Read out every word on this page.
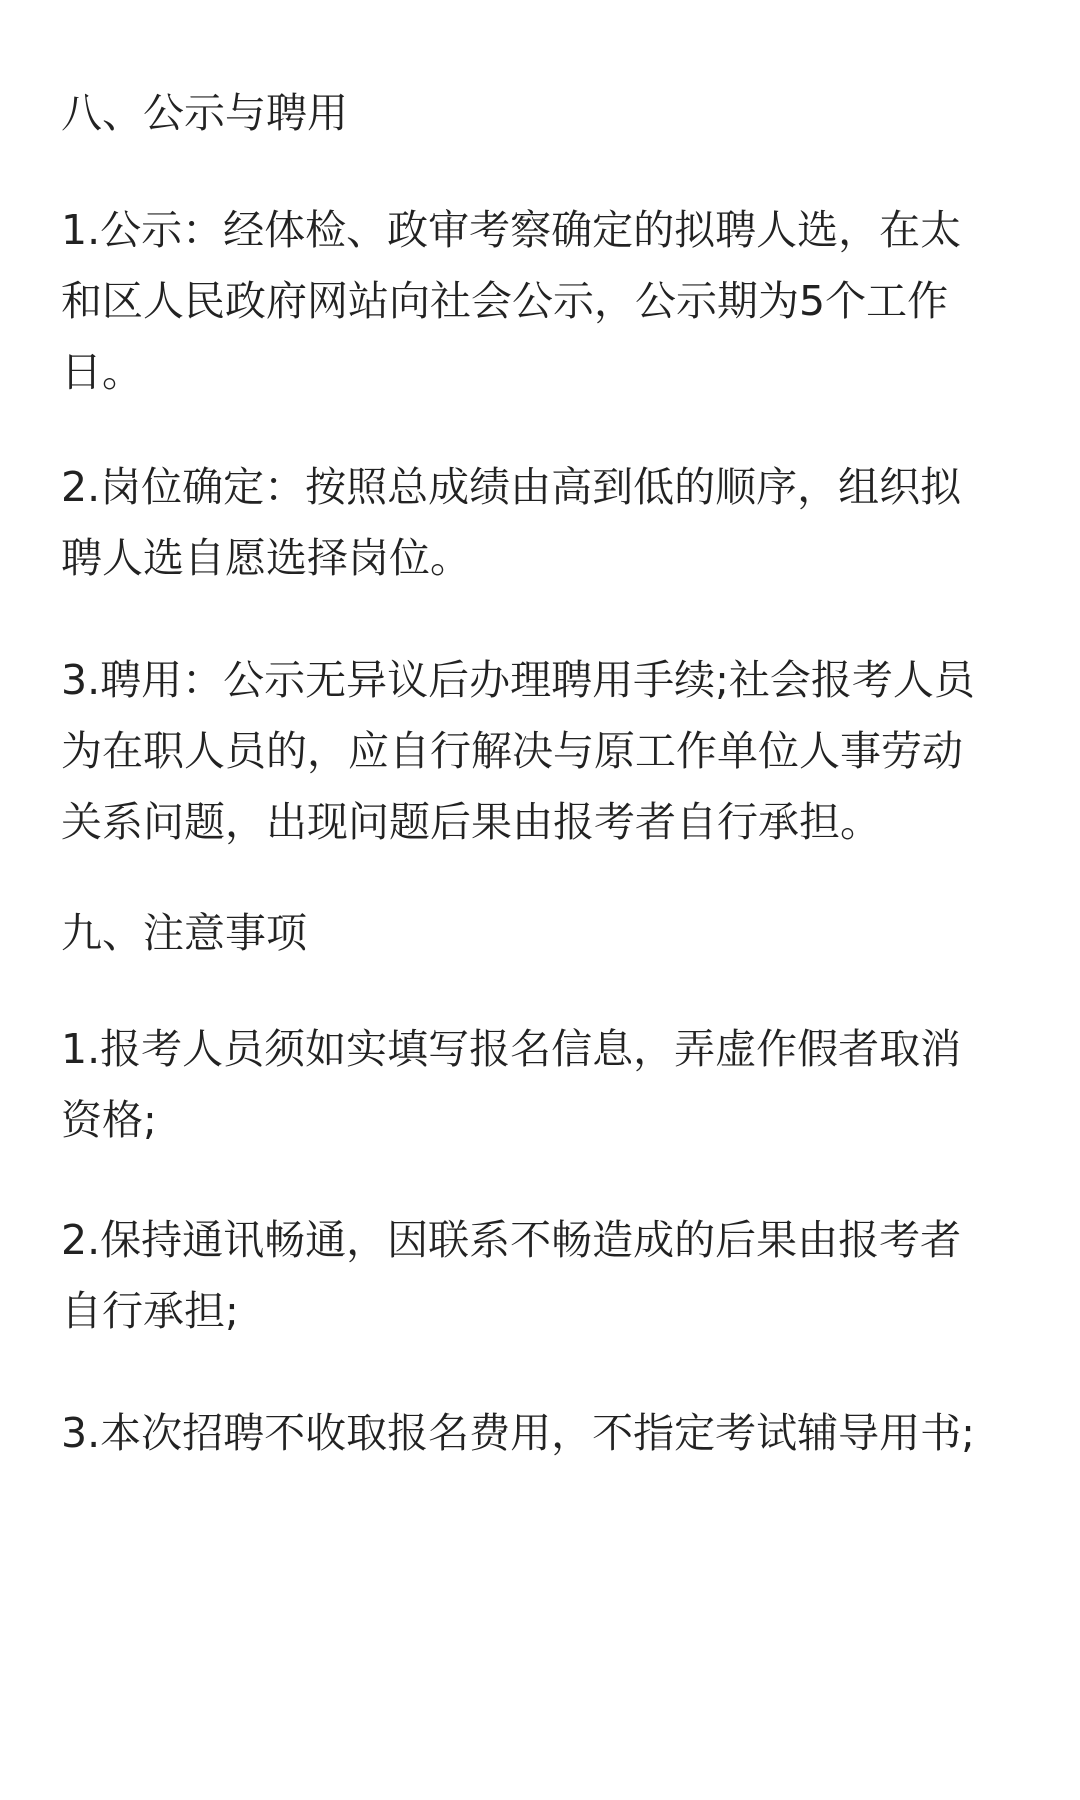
八、公示与聘用
1.公示：经体检、政审考察确定的拟聘人选，在太
和区人民政府网站向社会公示，公示期为5个工作
日。
2.岗位确定：按照总成绩由高到低的顺序，组织拟
聘人选自愿选择岗位。
3.聘用：公示无异议后办理聘用手续;社会报考人员
为在职人员的，应自行解决与原工作单位人事劳动
关系问题，出现问题后果由报考者自行承担。
九、注意事项
1.报考人员须如实填写报名信息，弄虚作假者取消
资格;
2.保持通讯畅通，因联系不畅造成的后果由报考者
自行承担;
3.本次招聘不收取报名费用，不指定考试辅导用书;
